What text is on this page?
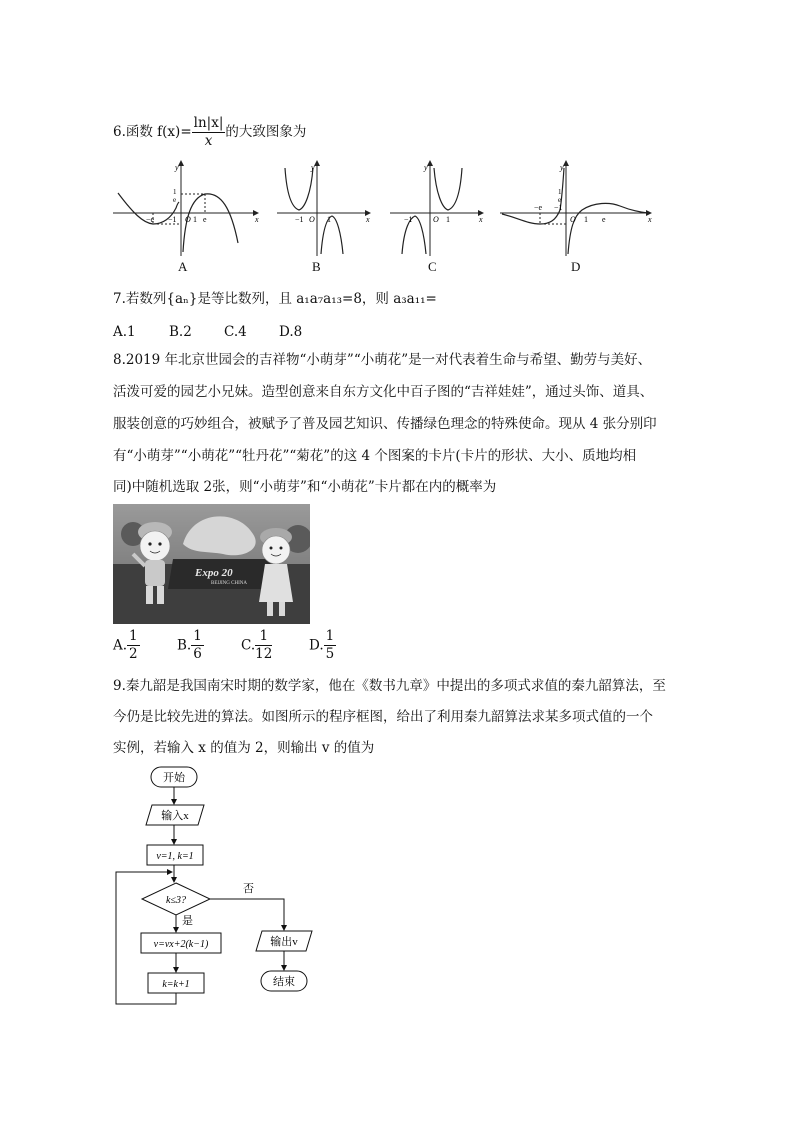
6.函数 $f(x)= \frac{\ln|x|}{x}$ 的大致图象为
y
x
O 1 e
−e −1
1
e
y
x
−1 O 1
y
x
−1	O 1
y
x
−e −1
O 1 e
1
e
A	B	C	D
7.若数列{aₙ}是等比数列，且 a₁a₇a₁₃=8，则 a₃a₁₁=
A.1 B.2 C.4 D.8
8.2019 年北京世园会的吉祥物“小萌芽”“小萌花”是一对代表着生命与希望、勤劳与美好、
活泼可爱的园艺小兄妹。造型创意来自东方文化中百子图的“吉祥娃娃”，通过头饰、道具、
服装创意的巧妙组合，被赋予了普及园艺知识、传播绿色理念的特殊使命。现从 4 张分别印
有“小萌芽”“小萌花”“牡丹花”“菊花”的这 4 个图案的卡片(卡片的形状、大小、质地均相
同)中随机选取 2张，则“小萌芽”和“小萌花”卡片都在内的概率为
Expo 20
BEIJING CHINA
A. $\frac{1}{2}$	B. $\frac{1}{6}$	C. $\frac{1}{12}$	D. $\frac{1}{5}$
9.秦九韶是我国南宋时期的数学家，他在《数书九章》中提出的多项式求值的秦九韶算法，至
今仍是比较先进的算法。如图所示的程序框图，给出了利用秦九韶算法求某多项式值的一个
实例，若输入 x 的值为 2，则输出 v 的值为
开始
输入x
v=1, k=1
k≤3?
否
是
v=vx+2(k−1)
k=k+1
输出v
结束
